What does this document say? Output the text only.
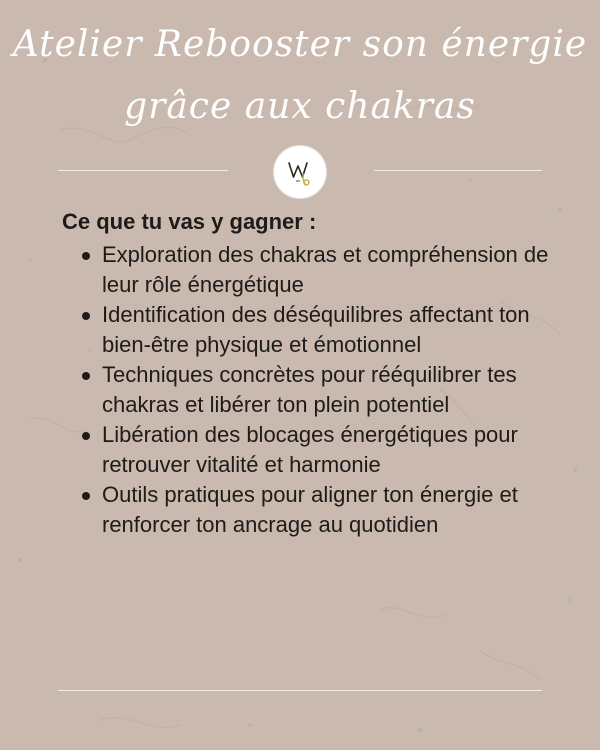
Atelier Rebooster son énergie
grâce aux chakras
Ce que tu vas y gagner :
Exploration des chakras et compréhension de leur rôle énergétique
Identification des déséquilibres affectant ton bien-être physique et émotionnel
Techniques concrètes pour rééquilibrer tes chakras et libérer ton plein potentiel
Libération des blocages énergétiques pour retrouver vitalité et harmonie
Outils pratiques pour aligner ton énergie et renforcer ton ancrage au quotidien
